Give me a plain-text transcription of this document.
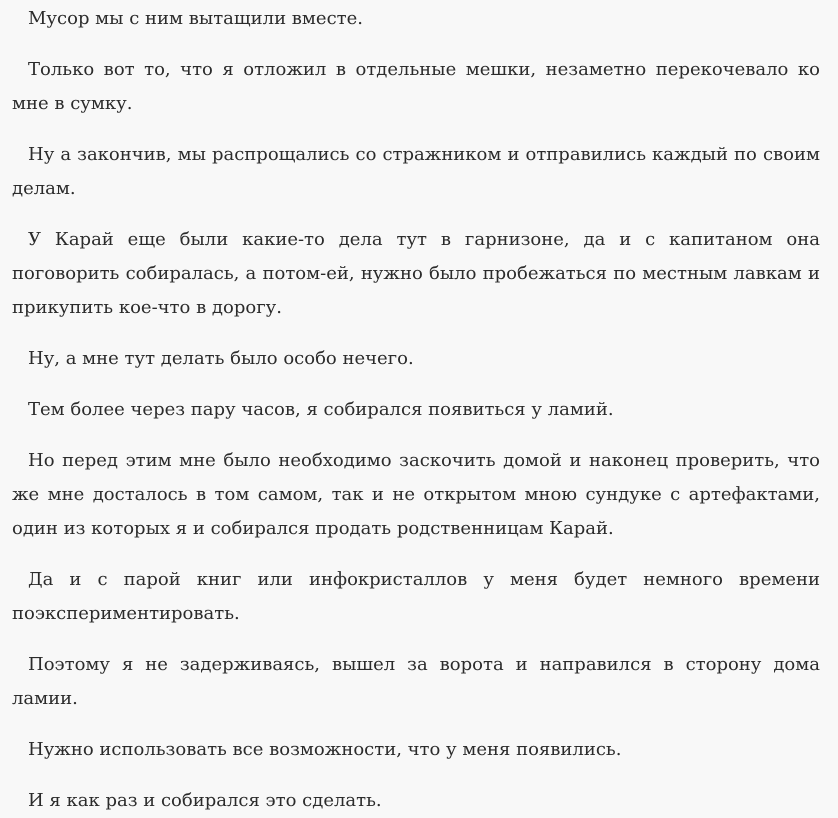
Мусор мы с ним вытащили вместе.

Только вот то, что я отложил в отдельные мешки, незаметно перекочевало ко мне в сумку.

Ну а закончив, мы распрощались со стражником и отправились каждый по своим делам.

У Карай еще были какие-то дела тут в гарнизоне, да и с капитаном она поговорить собиралась, а потом-ей, нужно было пробежаться по местным лавкам и прикупить кое-что в дорогу.

Ну, а мне тут делать было особо нечего.

Тем более через пару часов, я собирался появиться у ламий.

Но перед этим мне было необходимо заскочить домой и наконец проверить, что же мне досталось в том самом, так и не открытом мною сундуке с артефактами, один из которых я и собирался продать родственницам Карай.

Да и с парой книг или инфокристаллов у меня будет немного времени поэкспериментировать.

Поэтому я не задерживаясь, вышел за ворота и направился в сторону дома ламии.

Нужно использовать все возможности, что у меня появились.

И я как раз и собирался это сделать.
